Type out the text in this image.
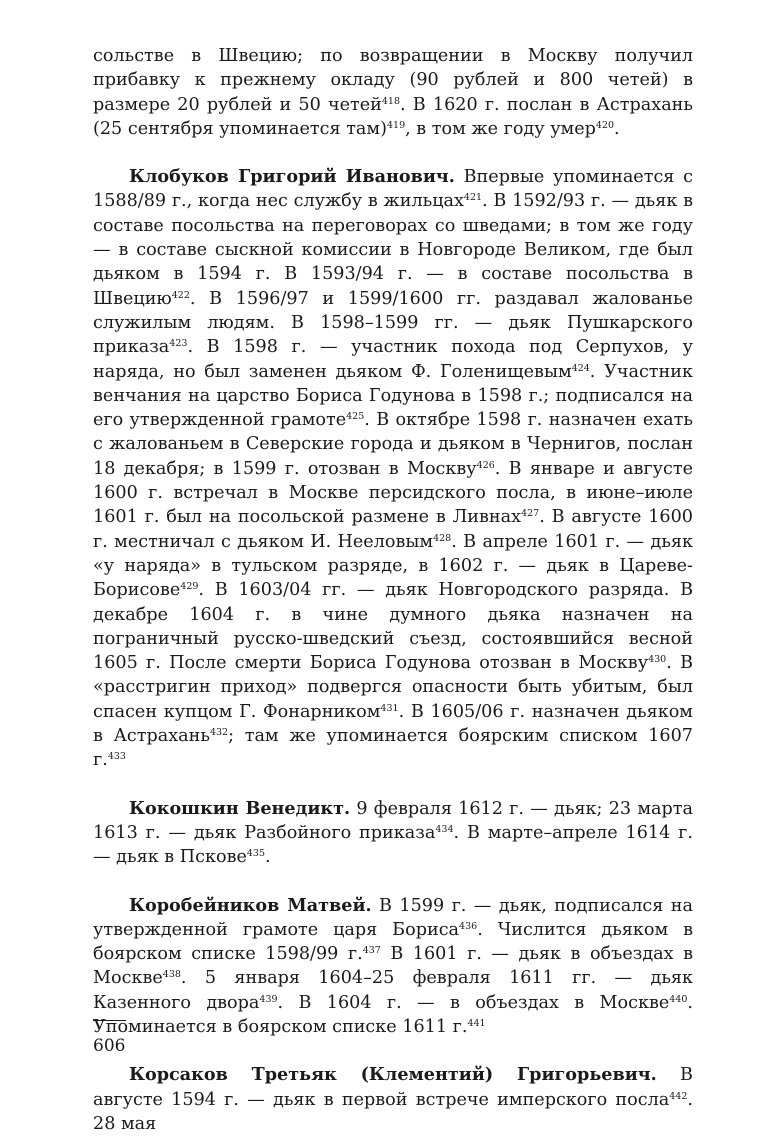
сольстве в Швецию; по возвращении в Москву получил прибавку к прежнему окладу (90 рублей и 800 четей) в размере 20 рублей и 50 четей$^{418}$. В 1620 г. послан в Астрахань (25 сентября упоминается там)$^{419}$, в том же году умер$^{420}$.

Клобуков Григорий Иванович. Впервые упоминается с 1588/89 г., когда нес службу в жильцах$^{421}$. В 1592/93 г. — дьяк в составе посольства на переговорах со шведами; в том же году — в составе сыскной комиссии в Новгороде Великом, где был дьяком в 1594 г. В 1593/94 г. — в составе посольства в Швецию$^{422}$. В 1596/97 и 1599/1600 гг. раздавал жалованье служилым людям. В 1598–1599 гг. — дьяк Пушкарского приказа$^{423}$. В 1598 г. — участник похода под Серпухов, у наряда, но был заменен дьяком Ф. Голенищевым$^{424}$. Участник венчания на царство Бориса Годунова в 1598 г.; подписался на его утвержденной грамоте$^{425}$. В октябре 1598 г. назначен ехать с жалованьем в Северские города и дьяком в Чернигов, послан 18 декабря; в 1599 г. отозван в Москву$^{426}$. В январе и августе 1600 г. встречал в Москве персидского посла, в июне–июле 1601 г. был на посольской размене в Ливнах$^{427}$. В августе 1600 г. местничал с дьяком И. Нееловым$^{428}$. В апреле 1601 г. — дьяк «у наряда» в тульском разряде, в 1602 г. — дьяк в Цареве-Борисове$^{429}$. В 1603/04 гг. — дьяк Новгородского разряда. В декабре 1604 г. в чине думного дьяка назначен на пограничный русско-шведский съезд, состоявшийся весной 1605 г. После смерти Бориса Годунова отозван в Москву$^{430}$. В «расстригин приход» подвергся опасности быть убитым, был спасен купцом Г. Фонарником$^{431}$. В 1605/06 г. назначен дьяком в Астрахань$^{432}$; там же упоминается боярским списком 1607 г.$^{433}$

Кокошкин Венедикт. 9 февраля 1612 г. — дьяк; 23 марта 1613 г. — дьяк Разбойного приказа$^{434}$. В марте–апреле 1614 г. — дьяк в Пскове$^{435}$.

Коробейников Матвей. В 1599 г. — дьяк, подписался на утвержденной грамоте царя Бориса$^{436}$. Числится дьяком в боярском списке 1598/99 г.$^{437}$ В 1601 г. — дьяк в объездах в Москве$^{438}$. 5 января 1604–25 февраля 1611 гг. — дьяк Казенного двора$^{439}$. В 1604 г. — в объездах в Москве$^{440}$. Упоминается в боярском списке 1611 г.$^{441}$

Корсаков Третьяк (Клементий) Григорьевич. В августе 1594 г. — дьяк в первой встрече имперского посла$^{442}$. 28 мая

606
